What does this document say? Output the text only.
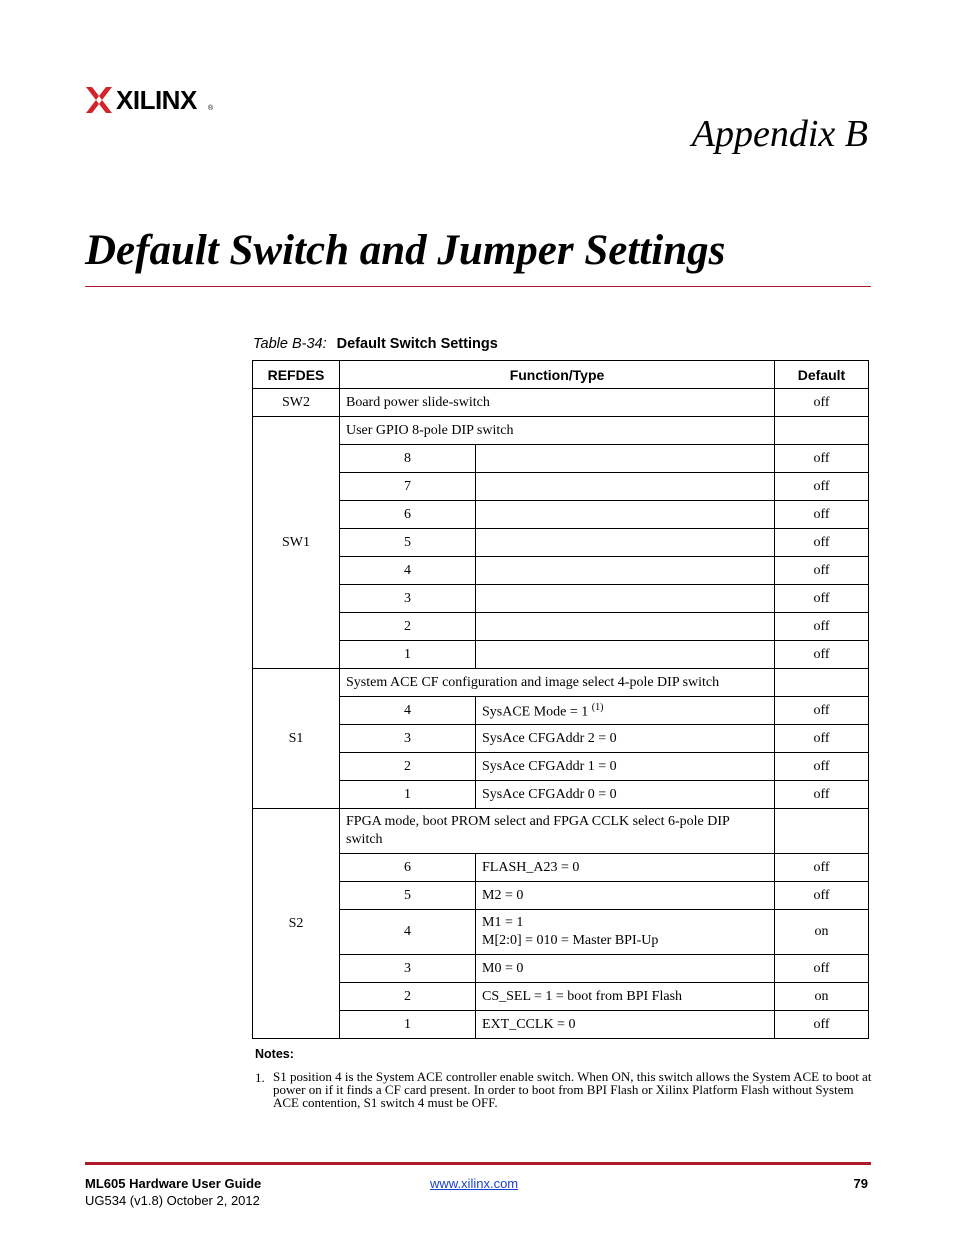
XILINX ®
Appendix B
Default Switch and Jumper Settings
Table B-34: Default Switch Settings
REFDES	Function/Type		Default
SW2	Board power slide-switch		off
SW1	User GPIO 8-pole DIP switch		
	8		off
	7		off
	6		off
	5		off
	4		off
	3		off
	2		off
	1		off
S1	System ACE CF configuration and image select 4-pole DIP switch		
	4	SysACE Mode = 1 $^{(1)}$	off
	3	SysAce CFGAddr 2 = 0	off
	2	SysAce CFGAddr 1 = 0	off
	1	SysAce CFGAddr 0 = 0	off
S2	FPGA mode, boot PROM select and FPGA CCLK select 6-pole DIP switch		
	6	FLASH_A23 = 0	off
	5	M2 = 0	off
	4	M1 = 1
M[2:0] = 010 = Master BPI-Up	on
	3	M0 = 0	off
	2	CS_SEL = 1 = boot from BPI Flash	on
	1	EXT_CCLK = 0	off
Notes:
1. S1 position 4 is the System ACE controller enable switch. When ON, this switch allows the System ACE to boot at power on if it finds a CF card present. In order to boot from BPI Flash or Xilinx Platform Flash without System ACE contention, S1 switch 4 must be OFF.
ML605 Hardware User Guide
UG534 (v1.8) October 2, 2012
www.xilinx.com	79
